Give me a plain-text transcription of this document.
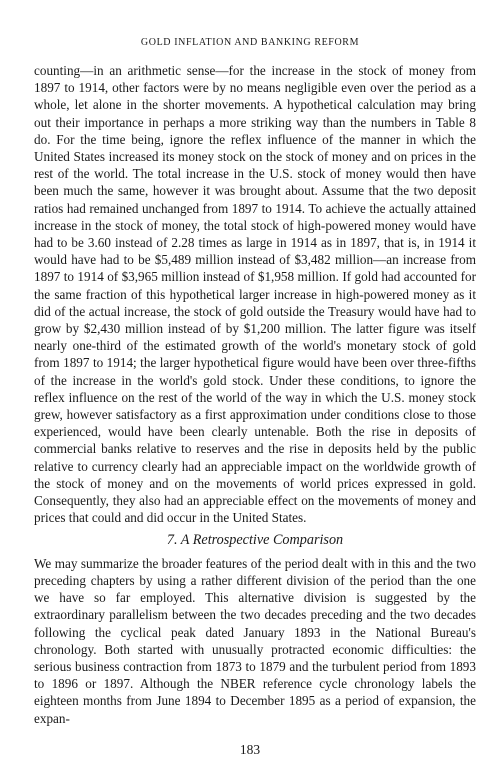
GOLD INFLATION AND BANKING REFORM

counting—in an arithmetic sense—for the increase in the stock of money from 1897 to 1914, other factors were by no means negligible even over the period as a whole, let alone in the shorter movements. A hypothetical calculation may bring out their importance in perhaps a more striking way than the numbers in Table 8 do. For the time being, ignore the reflex influence of the manner in which the United States increased its money stock on the stock of money and on prices in the rest of the world. The total increase in the U.S. stock of money would then have been much the same, however it was brought about. Assume that the two deposit ratios had remained unchanged from 1897 to 1914. To achieve the actually attained increase in the stock of money, the total stock of high-powered money would have had to be 3.60 instead of 2.28 times as large in 1914 as in 1897, that is, in 1914 it would have had to be $5,489 million instead of $3,482 million—an increase from 1897 to 1914 of $3,965 million instead of $1,958 million. If gold had accounted for the same fraction of this hypothetical larger increase in high-powered money as it did of the actual increase, the stock of gold outside the Treasury would have had to grow by $2,430 million instead of by $1,200 million. The latter figure was itself nearly one-third of the estimated growth of the world's monetary stock of gold from 1897 to 1914; the larger hypothetical figure would have been over three-fifths of the increase in the world's gold stock. Under these conditions, to ignore the reflex influence on the rest of the world of the way in which the U.S. money stock grew, however satisfactory as a first approximation under conditions close to those experienced, would have been clearly untenable. Both the rise in deposits of commercial banks relative to reserves and the rise in deposits held by the public relative to currency clearly had an appreciable impact on the worldwide growth of the stock of money and on the movements of world prices expressed in gold. Consequently, they also had an appreciable effect on the movements of money and prices that could and did occur in the United States.

7. A Retrospective Comparison

We may summarize the broader features of the period dealt with in this and the two preceding chapters by using a rather different division of the period than the one we have so far employed. This alternative division is suggested by the extraordinary parallelism between the two decades preceding and the two decades following the cyclical peak dated January 1893 in the National Bureau's chronology. Both started with unusually protracted economic difficulties: the serious business contraction from 1873 to 1879 and the turbulent period from 1893 to 1896 or 1897. Although the NBER reference cycle chronology labels the eighteen months from June 1894 to December 1895 as a period of expansion, the expan-

183
